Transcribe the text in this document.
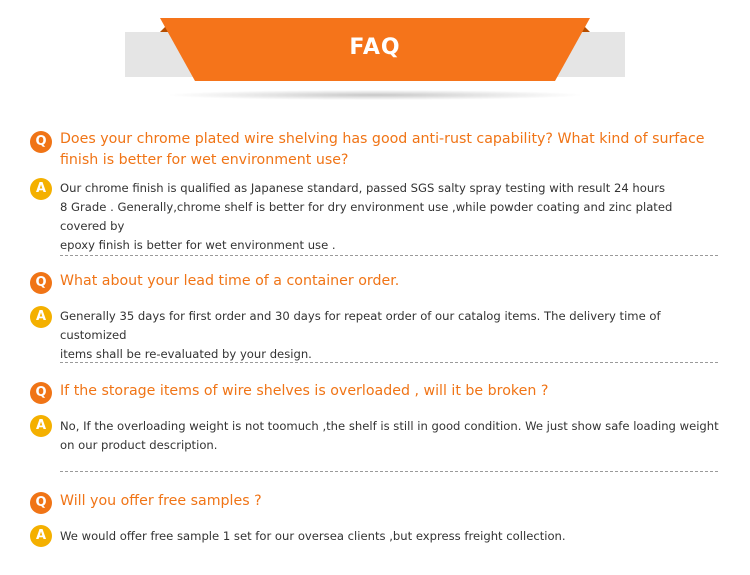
FAQ
Q Does your chrome plated wire shelving has good anti-rust capability? What kind of surface finish is better for wet environment use?
A	Our chrome finish is qualified as Japanese standard, passed SGS salty spray testing with result 24 hours
8 Grade . Generally,chrome shelf is better for dry environment use ,while powder coating and zinc plated covered by
epoxy finish is better for wet environment use .
Q What about your lead time of a container order.
A	Generally 35 days for first order and 30 days for repeat order of our catalog items. The delivery time of customized
items shall be re-evaluated by your design.
Q If the storage items of wire shelves is overloaded , will it be broken ?
A	No, If the overloading weight is not toomuch ,the shelf is still in good condition. We just show safe loading weight
on our product description.
Q Will you offer free samples ?
A	We would offer free sample 1 set for our oversea clients ,but express freight collection.
